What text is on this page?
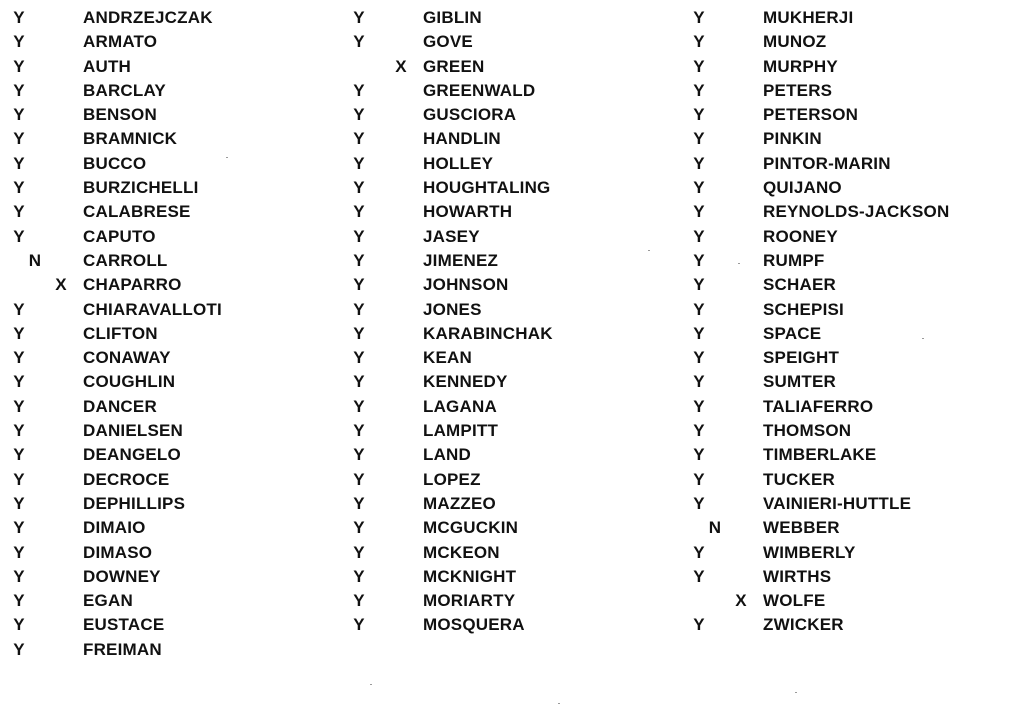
Y	ANDRZEJCZAK
Y	ARMATO
Y	AUTH
Y	BARCLAY
Y	BENSON
Y	BRAMNICK
Y	BUCCO
Y	BURZICHELLI
Y	CALABRESE
Y	CAPUTO
N CARROLL
X CHAPARRO
Y	CHIARAVALLOTI
Y	CLIFTON
Y	CONAWAY
Y	COUGHLIN
Y	DANCER
Y	DANIELSEN
Y	DEANGELO
Y	DECROCE
Y	DEPHILLIPS
Y	DIMAIO
Y	DIMASO
Y	DOWNEY
Y	EGAN
Y	EUSTACE
Y	FREIMAN
Y	GIBLIN
Y	GOVE
X GREEN
Y	GREENWALD
Y	GUSCIORA
Y	HANDLIN
Y	HOLLEY
Y	HOUGHTALING
Y	HOWARTH
Y	JASEY
Y	JIMENEZ
Y	JOHNSON
Y	JONES
Y	KARABINCHAK
Y	KEAN
Y	KENNEDY
Y	LAGANA
Y	LAMPITT
Y	LAND
Y	LOPEZ
Y	MAZZEO
Y	MCGUCKIN
Y	MCKEON
Y	MCKNIGHT
Y	MORIARTY
Y	MOSQUERA
Y	MUKHERJI
Y	MUNOZ
Y	MURPHY
Y	PETERS
Y	PETERSON
Y	PINKIN
Y	PINTOR-MARIN
Y	QUIJANO
Y	REYNOLDS-JACKSON
Y	ROONEY
Y	RUMPF
Y	SCHAER
Y	SCHEPISI
Y	SPACE
Y	SPEIGHT
Y	SUMTER
Y	TALIAFERRO
Y	THOMSON
Y	TIMBERLAKE
Y	TUCKER
Y	VAINIERI-HUTTLE
N WEBBER
Y	WIMBERLY
Y	WIRTHS
X WOLFE
Y	ZWICKER
